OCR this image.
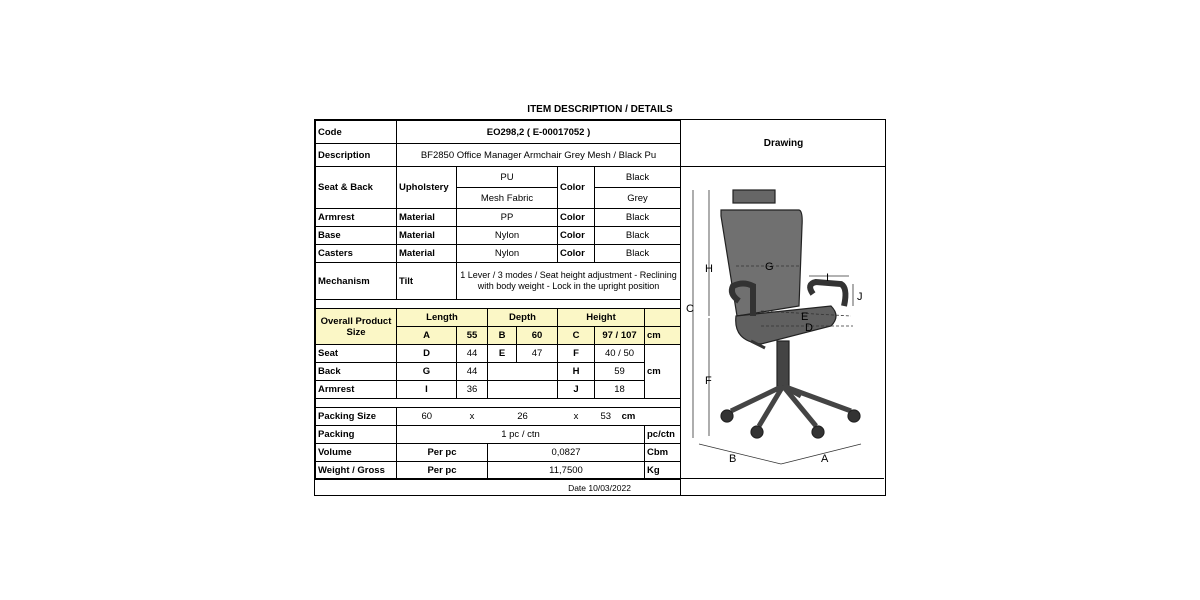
ITEM DESCRIPTION / DETAILS
Code	EO298,2 ( E-00017052 )						
Description	BF2850 Office Manager Armchair Grey Mesh / Black Pu						
Seat & Back	Upholstery	PU			Color	Black	
		Mesh Fabric				Grey	
Armrest	Material	PP			Color	Black	
Base	Material	Nylon			Color	Black	
Casters	Material	Nylon			Color	Black	
Mechanism	Tilt	1 Lever / 3 modes / Seat height adjustment - Reclining with body weight - Lock in the upright position					

Overall Product Size	Length		Depth		Height		
	A	55	B	60	C	97 / 107	cm
Seat	D	44	E	47	F	40 / 50	cm
Back	G	44			H	59	
Armrest	I	36			J	18	

Packing Size	60	x	26		x	53 cm	
Packing	1 pc / ctn						pc/ctn
Volume	Per pc		0,0827				Cbm
Weight / Gross	Per pc		11,7500				Kg
Date 10/03/2022
Drawing
C
H
F
G
I
J
E
D
B	A
